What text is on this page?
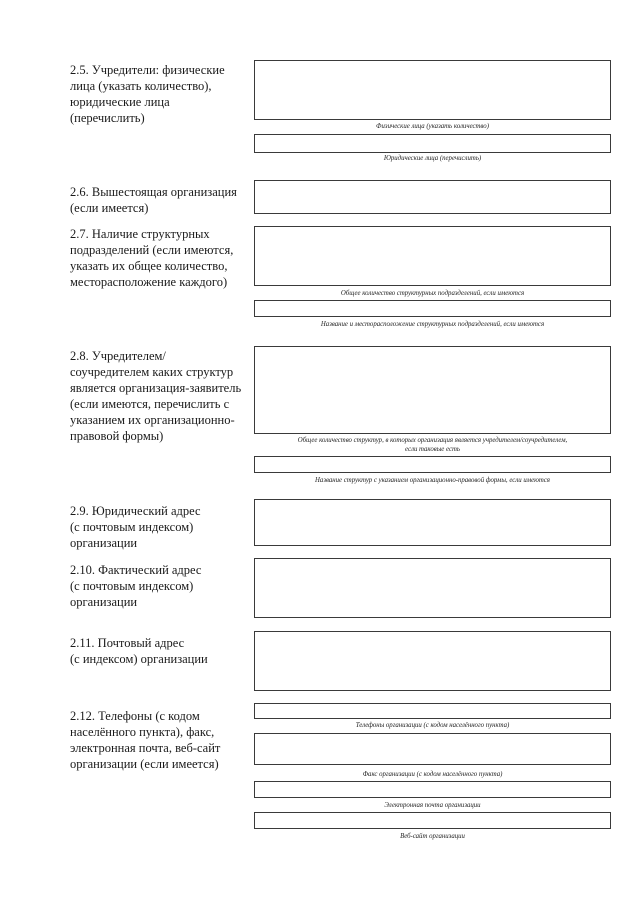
2.5. Учредители: физические
лица (указать количество),
юридические лица
(перечислить)
Физические лица (указать количество)
Юридические лица (перечислить)
2.6. Вышестоящая организация
(если имеется)
2.7. Наличие структурных
подразделений (если имеются,
указать их общее количество,
месторасположение каждого)
Общее количество структурных подразделений, если имеются
Название и месторасположение структурных подразделений, если имеются
2.8. Учредителем/
соучредителем каких структур
является организация-заявитель
(если имеются, перечислить с
указанием их организационно-
правовой формы)	Общее количество структур, в которых организация является учредителем/соучредителем,
если таковые есть
Название структур с указанием организационно-правовой формы, если имеются
2.9. Юридический адрес
(с почтовым индексом)
организации
2.10. Фактический адрес
(с почтовым индексом)
организации
2.11. Почтовый адрес
(с индексом) организации
2.12. Телефоны (с кодом
населённого пункта), факс,
электронная почта, веб-сайт
организации (если имеется)
Телефоны организации (с кодом населённого пункта)
Факс организации (с кодом населённого пункта)
Электронная почта организации
Веб-сайт организации
